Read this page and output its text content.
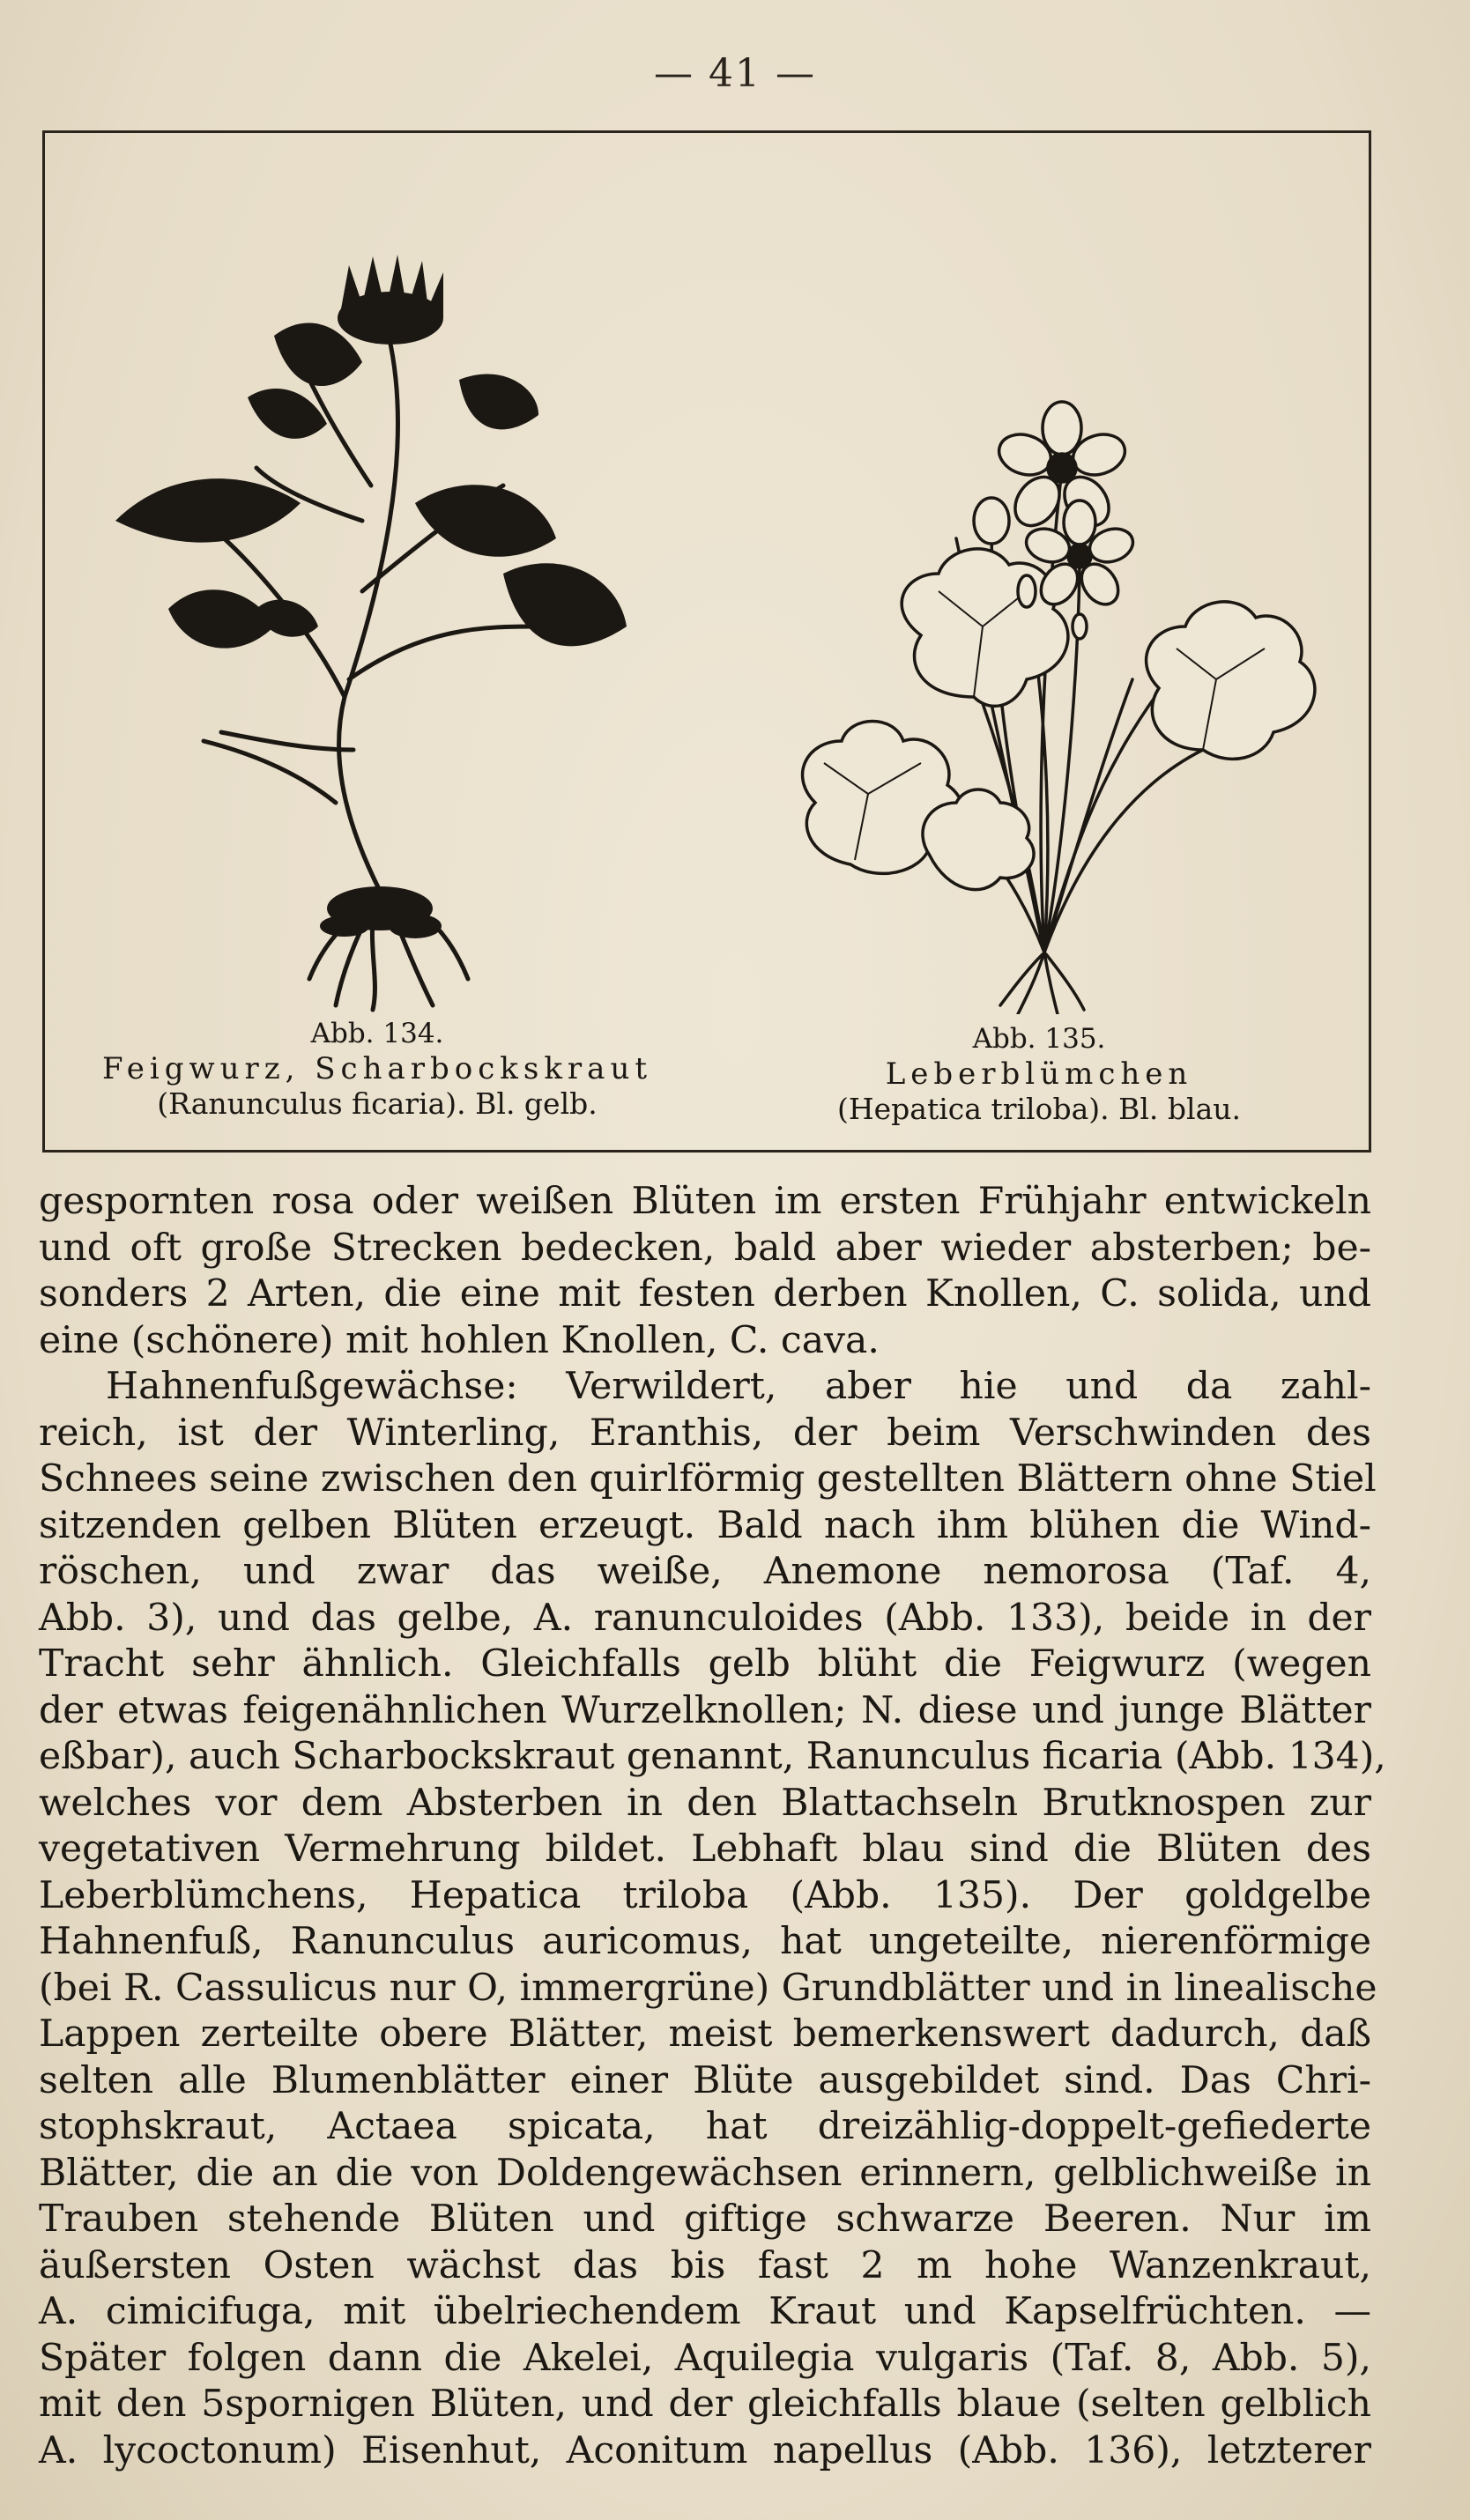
— 41 —
Abb. 134.
Feigwurz, Scharbockskraut
(Ranunculus ficaria). Bl. gelb.
Abb. 135.
Leberblümchen
(Hepatica triloba). Bl. blau.
gespornten rosa oder weißen Blüten im ersten Frühjahr entwickeln
und oft große Strecken bedecken, bald aber wieder absterben; be-
sonders 2 Arten, die eine mit festen derben Knollen, C. solida, und
eine (schönere) mit hohlen Knollen, C. cava.
Hahnenfußgewächse: Verwildert, aber hie und da zahl-
reich, ist der Winterling, Eranthis, der beim Verschwinden des
Schnees seine zwischen den quirlförmig gestellten Blättern ohne Stiel
sitzenden gelben Blüten erzeugt. Bald nach ihm blühen die Wind-
röschen, und zwar das weiße, Anemone nemorosa (Taf. 4,
Abb. 3), und das gelbe, A. ranunculoides (Abb. 133), beide in der
Tracht sehr ähnlich. Gleichfalls gelb blüht die Feigwurz (wegen
der etwas feigenähnlichen Wurzelknollen; N. diese und junge Blätter
eßbar), auch Scharbockskraut genannt, Ranunculus ficaria (Abb. 134),
welches vor dem Absterben in den Blattachseln Brutknospen zur
vegetativen Vermehrung bildet. Lebhaft blau sind die Blüten des
Leberblümchens, Hepatica triloba (Abb. 135). Der goldgelbe
Hahnenfuß, Ranunculus auricomus, hat ungeteilte, nierenförmige
(bei R. Cassulicus nur O, immergrüne) Grundblätter und in linealische
Lappen zerteilte obere Blätter, meist bemerkenswert dadurch, daß
selten alle Blumenblätter einer Blüte ausgebildet sind. Das Chri-
stophskraut, Actaea spicata, hat dreizählig-doppelt-gefiederte
Blätter, die an die von Doldengewächsen erinnern, gelblichweiße in
Trauben stehende Blüten und giftige schwarze Beeren. Nur im
äußersten Osten wächst das bis fast 2 m hohe Wanzenkraut,
A. cimicifuga, mit übelriechendem Kraut und Kapselfrüchten. —
Später folgen dann die Akelei, Aquilegia vulgaris (Taf. 8, Abb. 5),
mit den 5spornigen Blüten, und der gleichfalls blaue (selten gelblich
A. lycoctonum) Eisenhut, Aconitum napellus (Abb. 136), letzterer
